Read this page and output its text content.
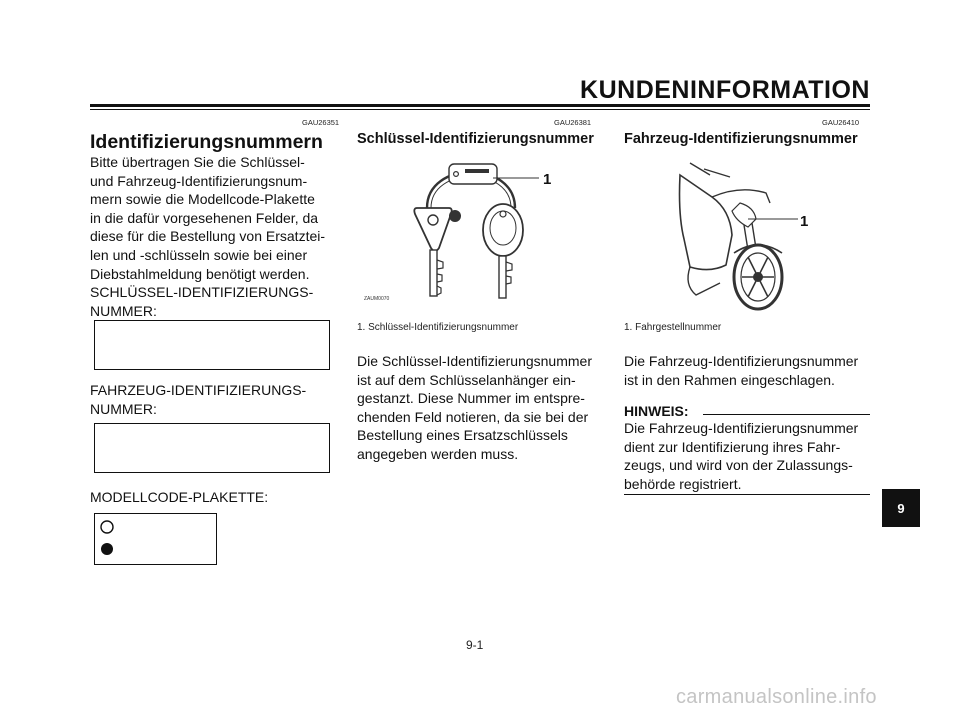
KUNDENINFORMATION
GAU26351
Identifizierungsnummern
Bitte übertragen Sie die Schlüssel-
und Fahrzeug-Identifizierungsnum-
mern sowie die Modellcode-Plakette
in die dafür vorgesehenen Felder, da
diese für die Bestellung von Ersatztei-
len und -schlüsseln sowie bei einer
Diebstahlmeldung benötigt werden.
SCHLÜSSEL-IDENTIFIZIERUNGS-
NUMMER:
FAHRZEUG-IDENTIFIZIERUNGS-
NUMMER:
MODELLCODE-PLAKETTE:
GAU26381
Schlüssel-Identifizierungsnummer
1
ZAUM0070
1. Schlüssel-Identifizierungsnummer
Die Schlüssel-Identifizierungsnummer
ist auf dem Schlüsselanhänger ein-
gestanzt. Diese Nummer im entspre-
chenden Feld notieren, da sie bei der
Bestellung eines Ersatzschlüssels
angegeben werden muss.
GAU26410
Fahrzeug-Identifizierungsnummer
1
1. Fahrgestellnummer
Die Fahrzeug-Identifizierungsnummer
ist in den Rahmen eingeschlagen.
HINWEIS:
Die Fahrzeug-Identifizierungsnummer
dient zur Identifizierung ihres Fahr-
zeugs, und wird von der Zulassungs-
behörde registriert.
9
9-1
carmanualsonline.info
